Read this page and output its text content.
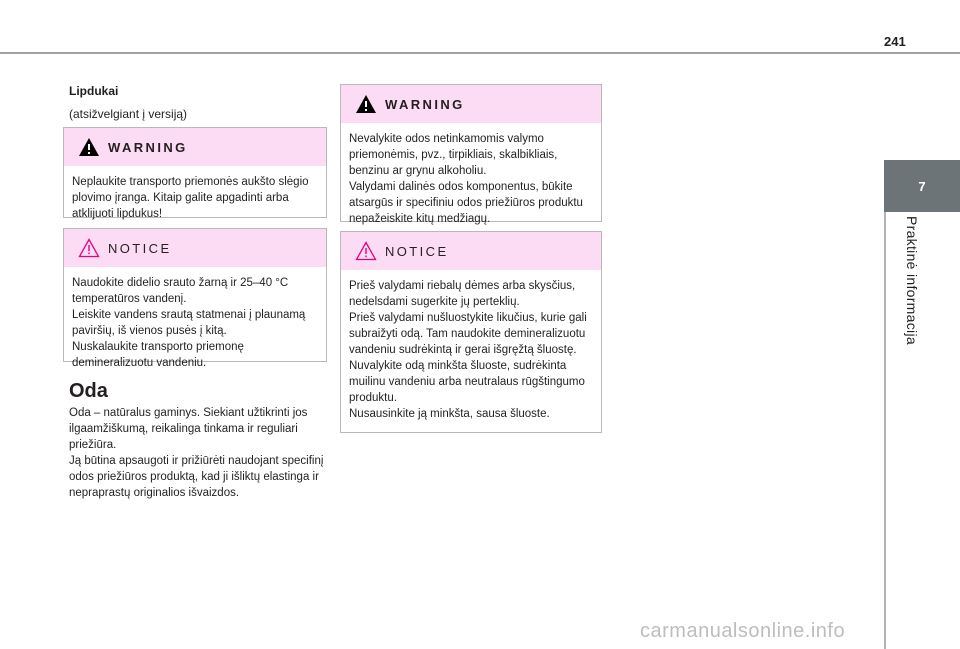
241
7
Praktinė informacija
Lipdukai
(atsižvelgiant į versiją)
WARNING

Neplaukite transporto priemonės aukšto slėgio plovimo įranga. Kitaip galite apgadinti arba atklijuoti lipdukus!

NOTICE

Naudokite didelio srauto žarną ir 25–40 °C temperatūros vandenį.

Leiskite vandens srautą statmenai į plaunamą paviršių, iš vienos pusės į kitą.

Nuskalaukite transporto priemonę demineralizuotu vandeniu.

Oda

Oda – natūralus gaminys. Siekiant užtikrinti jos ilgaamžiškumą, reikalinga tinkama ir reguliari priežiūra.

Ją būtina apsaugoti ir prižiūrėti naudojant specifinį odos priežiūros produktą, kad ji išliktų elastinga ir nepraprastų originalios išvaizdos.

WARNING

Nevalykite odos netinkamomis valymo priemonėmis, pvz., tirpikliais, skalbikliais, benzinu ar grynu alkoholiu.

Valydami dalinės odos komponentus, būkite atsargūs ir specifiniu odos priežiūros produktu nepažeiskite kitų medžiagų.

NOTICE

Prieš valydami riebalų dėmes arba skysčius, nedelsdami sugerkite jų perteklių.

Prieš valydami nušluostykite likučius, kurie gali subraižyti odą. Tam naudokite demineralizuotu vandeniu sudrėkintą ir gerai išgręžtą šluostę.

Nuvalykite odą minkšta šluoste, sudrėkinta muilinu vandeniu arba neutralaus rūgštingumo produktu.

Nusausinkite ją minkšta, sausa šluoste.

carmanualsonline.info
